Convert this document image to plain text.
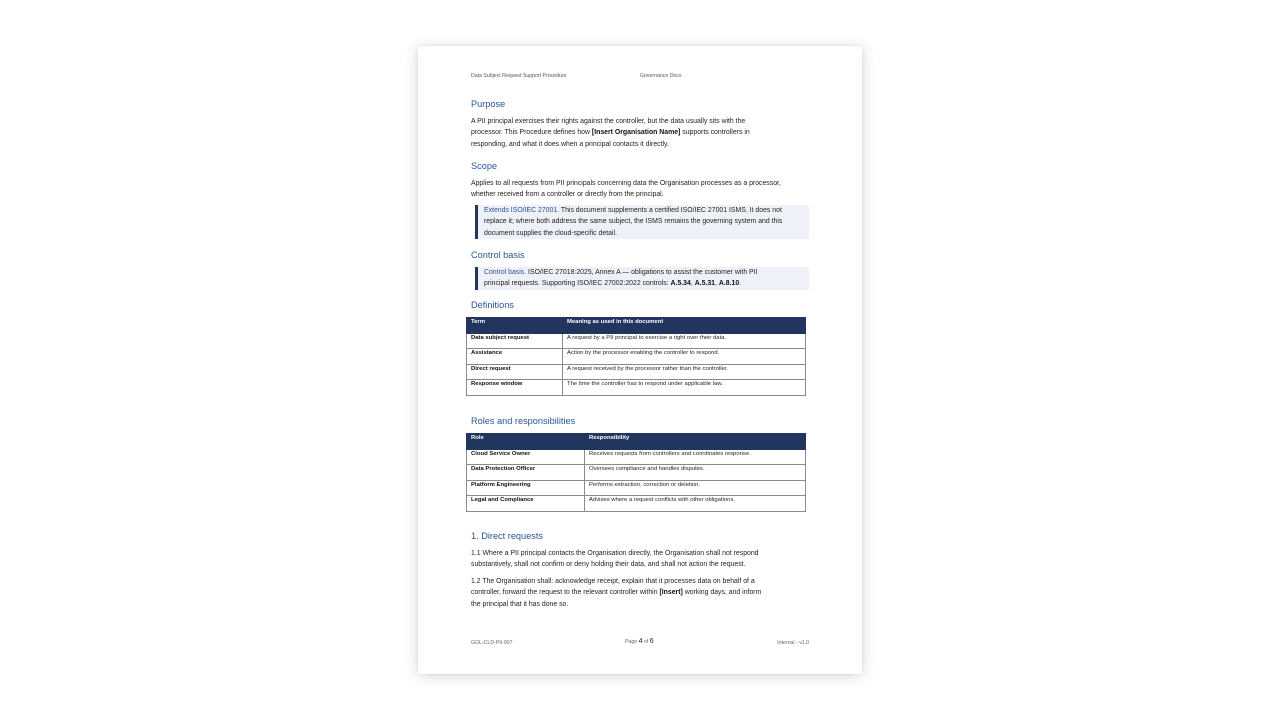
Data Subject Request Support Procedure	Governance Docs
Purpose
A PII principal exercises their rights against the controller, but the data usually sits with the
processor. This Procedure defines how [Insert Organisation Name] supports controllers in
responding, and what it does when a principal contacts it directly.
Scope
Applies to all requests from PII principals concerning data the Organisation processes as a processor,
whether received from a controller or directly from the principal.
Extends ISO/IEC 27001. This document supplements a certified ISO/IEC 27001 ISMS. It does not
replace it; where both address the same subject, the ISMS remains the governing system and this
document supplies the cloud-specific detail.
Control basis
Control basis. ISO/IEC 27018:2025, Annex A — obligations to assist the customer with PII
principal requests. Supporting ISO/IEC 27002:2022 controls: A.5.34, A.5.31, A.8.10.
Definitions
Term	Meaning as used in this document
Data subject request	A request by a PII principal to exercise a right over their data.
Assistance	Action by the processor enabling the controller to respond.
Direct request	A request received by the processor rather than the controller.
Response window	The time the controller has to respond under applicable law.
Roles and responsibilities
Role	Responsibility
Cloud Service Owner	Receives requests from controllers and coordinates response.
Data Protection Officer	Oversees compliance and handles disputes.
Platform Engineering	Performs extraction, correction or deletion.
Legal and Compliance	Advises where a request conflicts with other obligations.
1. Direct requests
1.1 Where a PII principal contacts the Organisation directly, the Organisation shall not respond
substantively, shall not confirm or deny holding their data, and shall not action the request.
1.2 The Organisation shall: acknowledge receipt, explain that it processes data on behalf of a
controller, forward the request to the relevant controller within [Insert] working days, and inform
the principal that it has done so.
GOL-CLD-PII-007	Page 4 of 6	Internal - v1.0
